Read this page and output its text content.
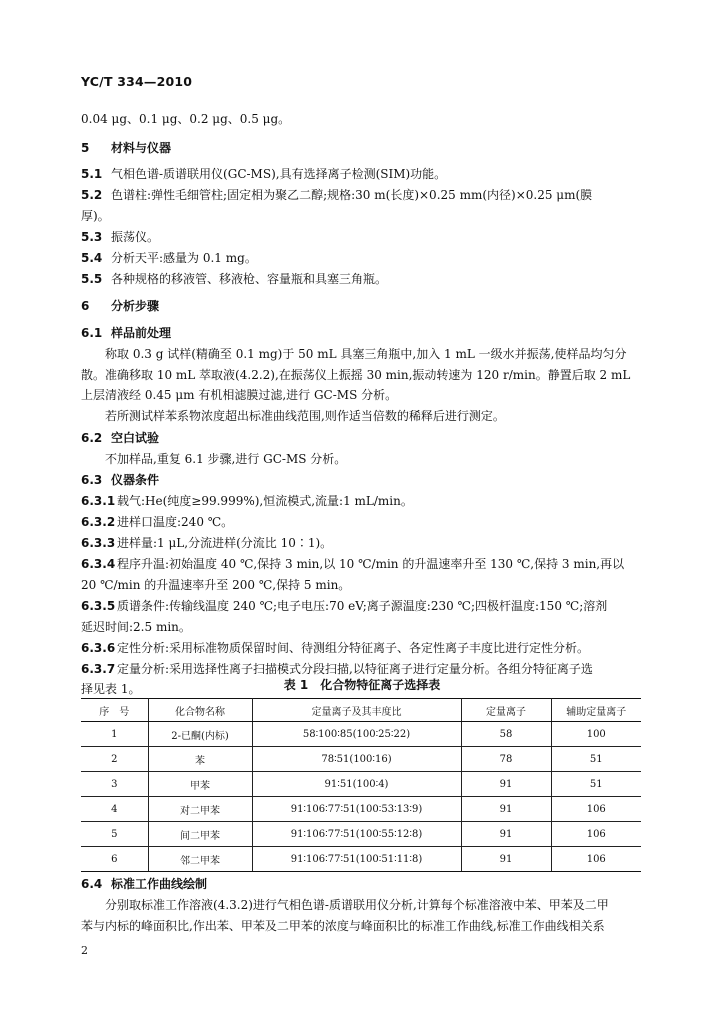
YC/T 334—2010
0.04 μg、0.1 μg、0.2 μg、0.5 μg。
5 材料与仪器
5.1 气相色谱-质谱联用仪(GC-MS),具有选择离子检测(SIM)功能。
5.2 色谱柱:弹性毛细管柱;固定相为聚乙二醇;规格:30 m(长度)×0.25 mm(内径)×0.25 μm(膜
厚)。
5.3 振荡仪。
5.4 分析天平:感量为 0.1 mg。
5.5 各种规格的移液管、移液枪、容量瓶和具塞三角瓶。
6 分析步骤
6.1 样品前处理
称取 0.3 g 试样(精确至 0.1 mg)于 50 mL 具塞三角瓶中,加入 1 mL 一级水并振荡,使样品均匀分
散。准确移取 10 mL 萃取液(4.2.2),在振荡仪上振摇 30 min,振动转速为 120 r/min。静置后取 2 mL
上层清液经 0.45 μm 有机相滤膜过滤,进行 GC-MS 分析。
若所测试样苯系物浓度超出标准曲线范围,则作适当倍数的稀释后进行测定。
6.2 空白试验
不加样品,重复 6.1 步骤,进行 GC-MS 分析。
6.3 仪器条件
6.3.1 载气:He(纯度≥99.999%),恒流模式,流量:1 mL/min。
6.3.2 进样口温度:240 ℃。
6.3.3 进样量:1 μL,分流进样(分流比 10∶1)。
6.3.4 程序升温:初始温度 40 ℃,保持 3 min,以 10 ℃/min 的升温速率升至 130 ℃,保持 3 min,再以
20 ℃/min 的升温速率升至 200 ℃,保持 5 min。
6.3.5 质谱条件:传输线温度 240 ℃;电子电压:70 eV;离子源温度:230 ℃;四极杆温度:150 ℃;溶剂
延迟时间:2.5 min。
6.3.6 定性分析:采用标准物质保留时间、待测组分特征离子、各定性离子丰度比进行定性分析。
6.3.7 定量分析:采用选择性离子扫描模式分段扫描,以特征离子进行定量分析。各组分特征离子选
表 1 化合物特征离子选择表
序　号	化合物名称	定量离子及其丰度比	定量离子	辅助定量离子
1	2-已酮(内标)	58∶100∶85(100∶25∶22)	58	100
2	苯	78∶51(100∶16)	78	51
3	甲苯	91∶51(100∶4)	91	51
4	对二甲苯	91∶106∶77∶51(100∶53∶13∶9)	91	106
5	间二甲苯	91∶106∶77∶51(100∶55∶12∶8)	91	106
6	邻二甲苯	91∶106∶77∶51(100∶51∶11∶8)	91	106
6.4 标准工作曲线绘制
分别取标准工作溶液(4.3.2)进行气相色谱-质谱联用仪分析,计算每个标准溶液中苯、甲苯及二甲
苯与内标的峰面积比,作出苯、甲苯及二甲苯的浓度与峰面积比的标准工作曲线,标准工作曲线相关系
2
择见表 1。
